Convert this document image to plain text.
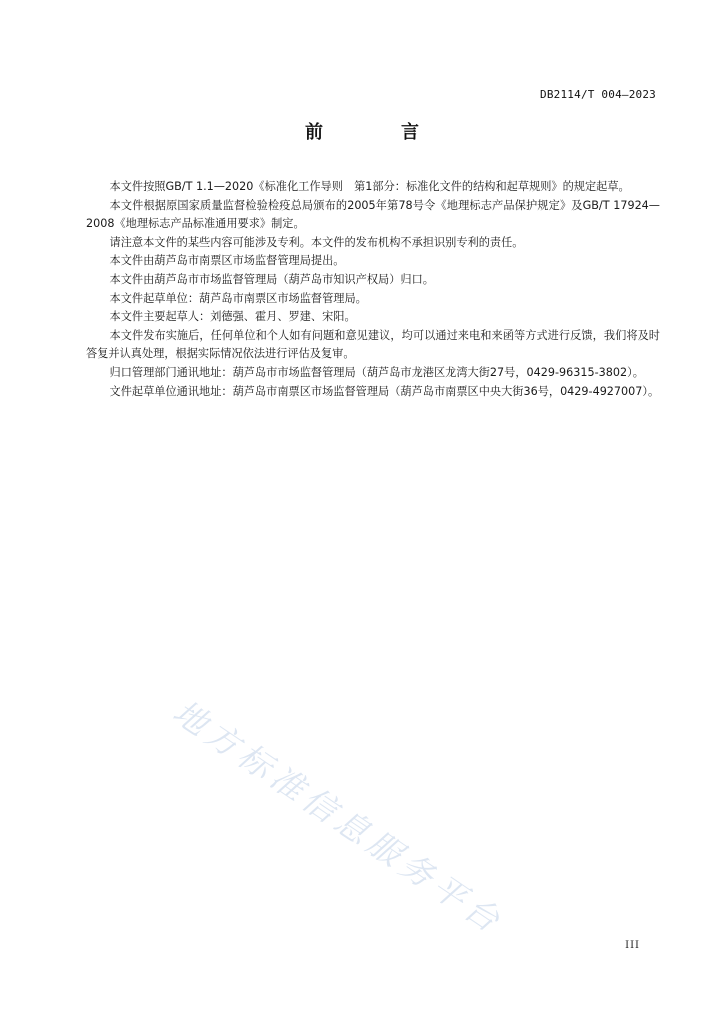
DB2114/T 004—2023
前　言

本文件按照GB/T 1.1—2020《标准化工作导则　第1部分：标准化文件的结构和起草规则》的规定起草。

本文件根据原国家质量监督检验检疫总局颁布的2005年第78号令《地理标志产品保护规定》及GB/T 17924—2008《地理标志产品标准通用要求》制定。

请注意本文件的某些内容可能涉及专利。本文件的发布机构不承担识别专利的责任。

本文件由葫芦岛市南票区市场监督管理局提出。

本文件由葫芦岛市市场监督管理局（葫芦岛市知识产权局）归口。

本文件起草单位：葫芦岛市南票区市场监督管理局。

本文件主要起草人：刘德强、霍月、罗建、宋阳。

本文件发布实施后，任何单位和个人如有问题和意见建议，均可以通过来电和来函等方式进行反馈，我们将及时答复并认真处理，根据实际情况依法进行评估及复审。

归口管理部门通讯地址：葫芦岛市市场监督管理局（葫芦岛市龙港区龙湾大街27号，0429-96315-3802）。

文件起草单位通讯地址：葫芦岛市南票区市场监督管理局（葫芦岛市南票区中央大街36号，0429-4927007）。

地方标准信息服务平台
III
